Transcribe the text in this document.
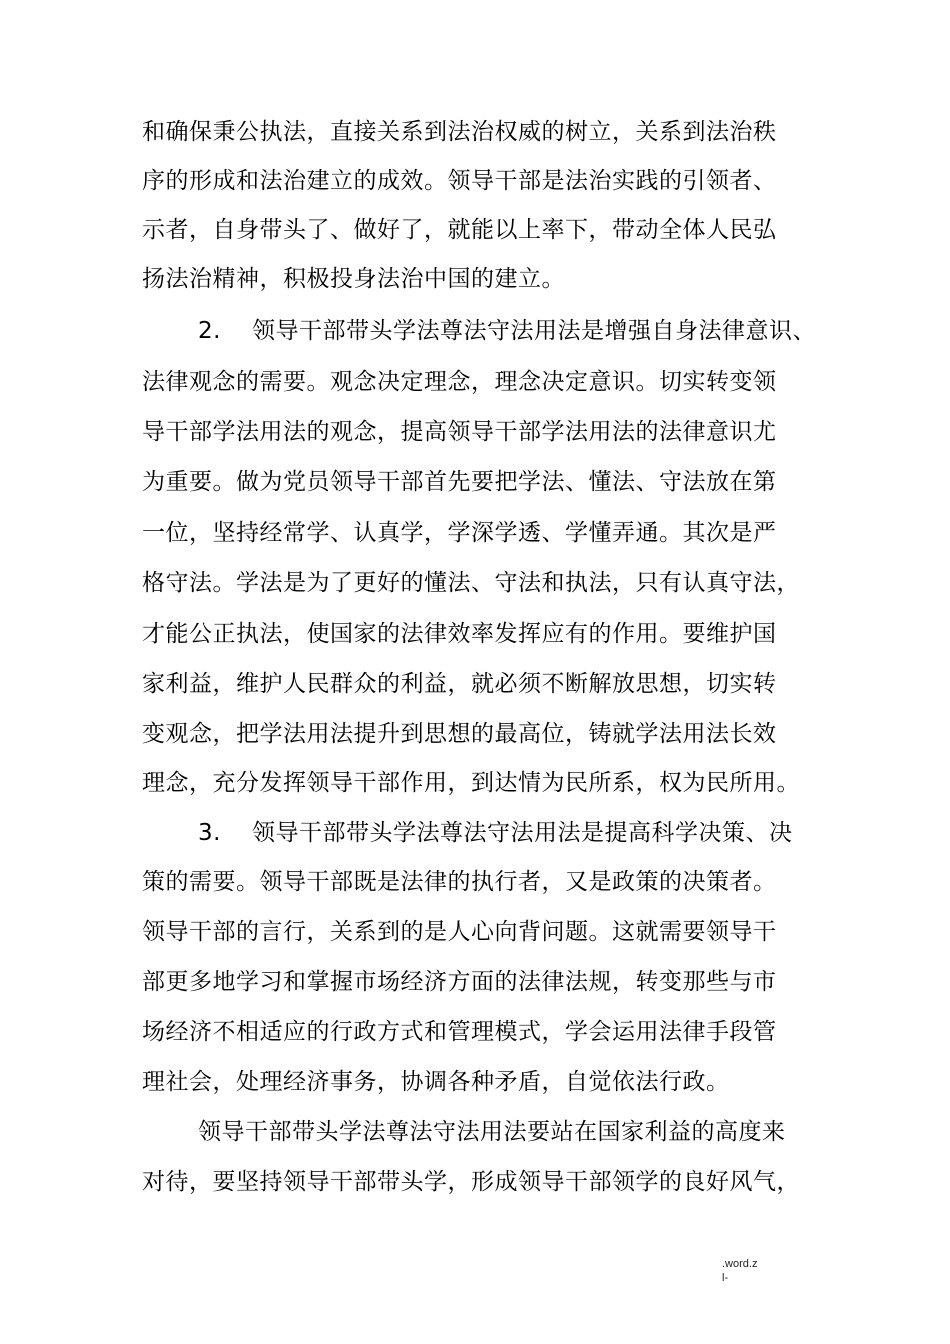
和确保秉公执法，直接关系到法治权威的树立，关系到法治秩
序的形成和法治建立的成效。领导干部是法治实践的引领者、
示者，自身带头了、做好了，就能以上率下，带动全体人民弘
扬法治精神，积极投身法治中国的建立。
2. 领导干部带头学法尊法守法用法是增强自身法律意识、
法律观念的需要。观念决定理念，理念决定意识。切实转变领
导干部学法用法的观念，提高领导干部学法用法的法律意识尤
为重要。做为党员领导干部首先要把学法、懂法、守法放在第
一位，坚持经常学、认真学，学深学透、学懂弄通。其次是严
格守法。学法是为了更好的懂法、守法和执法，只有认真守法，
才能公正执法，使国家的法律效率发挥应有的作用。要维护国
家利益，维护人民群众的利益，就必须不断解放思想，切实转
变观念，把学法用法提升到思想的最高位，铸就学法用法长效
理念，充分发挥领导干部作用，到达情为民所系，权为民所用。
3. 领导干部带头学法尊法守法用法是提高科学决策、决
策的需要。领导干部既是法律的执行者，又是政策的决策者。
领导干部的言行，关系到的是人心向背问题。这就需要领导干
部更多地学习和掌握市场经济方面的法律法规，转变那些与市
场经济不相适应的行政方式和管理模式，学会运用法律手段管
理社会，处理经济事务，协调各种矛盾，自觉依法行政。
领导干部带头学法尊法守法用法要站在国家利益的高度来
对待，要坚持领导干部带头学，形成领导干部领学的良好风气，
.word.z
l-
